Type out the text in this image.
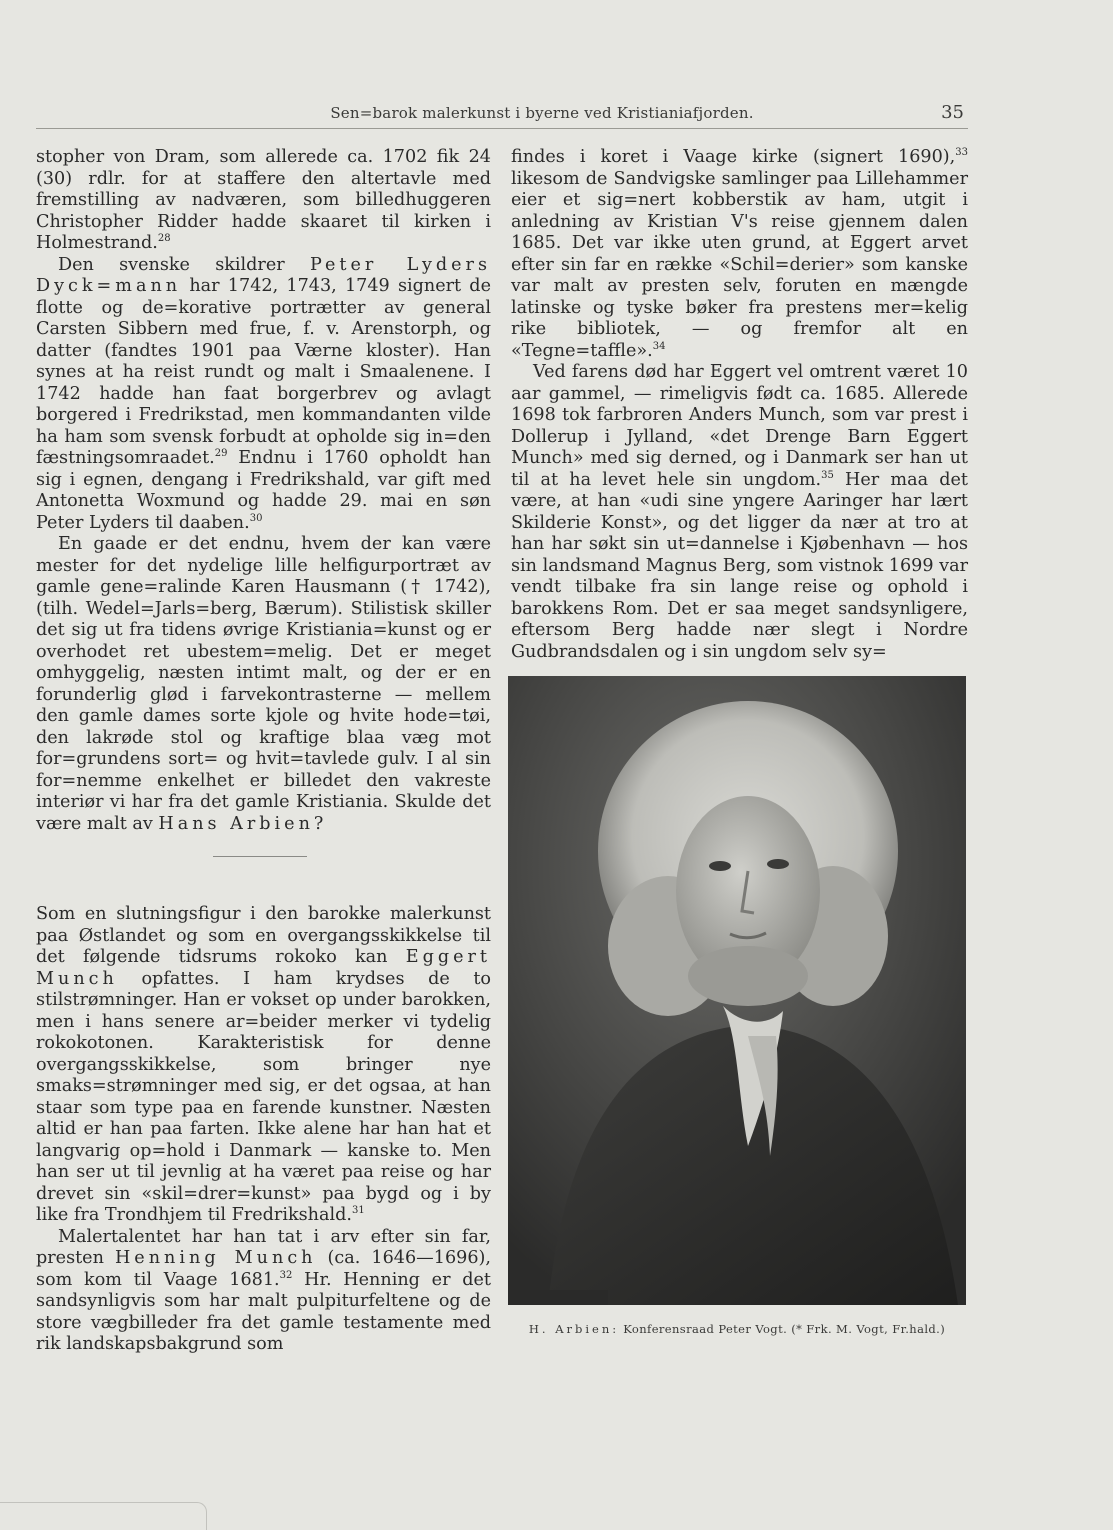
Sen=barok malerkunst i byerne ved Kristianiafjorden.	35

stopher von Dram, som allerede ca. 1702 fik 24 (30) rdlr. for at staffere den altertavle med fremstilling av nadværen, som billedhuggeren Christopher Ridder hadde skaaret til kirken i Holmestrand.$^{28}$

Den svenske skildrer Peter Lyders Dyck=mann har 1742, 1743, 1749 signert de flotte og de=korative portrætter av general Carsten Sibbern med frue, f. v. Arenstorph, og datter (fandtes 1901 paa Værne kloster). Han synes at ha reist rundt og malt i Smaalenene. I 1742 hadde han faat borgerbrev og avlagt borgered i Fredrikstad, men kommandanten vilde ha ham som svensk forbudt at opholde sig in=den fæstningsomraadet.$^{29}$ Endnu i 1760 opholdt han sig i egnen, dengang i Fredrikshald, var gift med Antonetta Woxmund og hadde 29. mai en søn Peter Lyders til daaben.$^{30}$

En gaade er det endnu, hvem der kan være mester for det nydelige lille helfigurportræt av gamle gene=ralinde Karen Hausmann († 1742), (tilh. Wedel=Jarls=berg, Bærum). Stilistisk skiller det sig ut fra tidens øvrige Kristiania=kunst og er overhodet ret ubestem=melig. Det er meget omhyggelig, næsten intimt malt, og der er en forunderlig glød i farvekontrasterne — mellem den gamle dames sorte kjole og hvite hode=tøi, den lakrøde stol og kraftige blaa væg mot for=grundens sort= og hvit=tavlede gulv. I al sin for=nemme enkelhet er billedet den vakreste interiør vi har fra det gamle Kristiania. Skulde det være malt av Hans Arbien?

Som en slutningsfigur i den barokke malerkunst paa Østlandet og som en overgangsskikkelse til det følgende tidsrums rokoko kan Eggert Munch opfattes. I ham krydses de to stilstrømninger. Han er vokset op under barokken, men i hans senere ar=beider merker vi tydelig rokokotonen. Karakteristisk for denne overgangsskikkelse, som bringer nye smaks=strømninger med sig, er det ogsaa, at han staar som type paa en farende kunstner. Næsten altid er han paa farten. Ikke alene har han hat et langvarig op=hold i Danmark — kanske to. Men han ser ut til jevnlig at ha været paa reise og har drevet sin «skil=drer=kunst» paa bygd og i by like fra Trondhjem til Fredrikshald.$^{31}$

Malertalentet har han tat i arv efter sin far, presten Henning Munch (ca. 1646—1696), som kom til Vaage 1681.32 Hr. Henning er det sandsynligvis som har malt pulpiturfeltene og de store vægbilleder fra det gamle testamente med rik landskapsbakgrund som

findes i koret i Vaage kirke (signert 1690),$^{33}$ likesom de Sandvigske samlinger paa Lillehammer eier et sig=nert kobberstik av ham, utgit i anledning av Kristian V's reise gjennem dalen 1685. Det var ikke uten grund, at Eggert arvet efter sin far en række «Schil=derier» som kanske var malt av presten selv, foruten en mængde latinske og tyske bøker fra prestens mer=kelig rike bibliotek, — og fremfor alt en «Tegne=taffle».$^{34}$

Ved farens død har Eggert vel omtrent været 10 aar gammel, — rimeligvis født ca. 1685. Allerede 1698 tok farbroren Anders Munch, som var prest i Dollerup i Jylland, «det Drenge Barn Eggert Munch» med sig derned, og i Danmark ser han ut til at ha levet hele sin ungdom.$^{35}$ Her maa det være, at han «udi sine yngere Aaringer har lært Skilderie Konst», og det ligger da nær at tro at han har søkt sin ut=dannelse i Kjøbenhavn — hos sin landsmand Magnus Berg, som vistnok 1699 var vendt tilbake fra sin lange reise og ophold i barokkens Rom. Det er saa meget sandsynligere, eftersom Berg hadde nær slegt i Nordre Gudbrandsdalen og i sin ungdom selv sy=

H. Arbien: Konferensraad Peter Vogt. (* Frk. M. Vogt, Fr.hald.)
